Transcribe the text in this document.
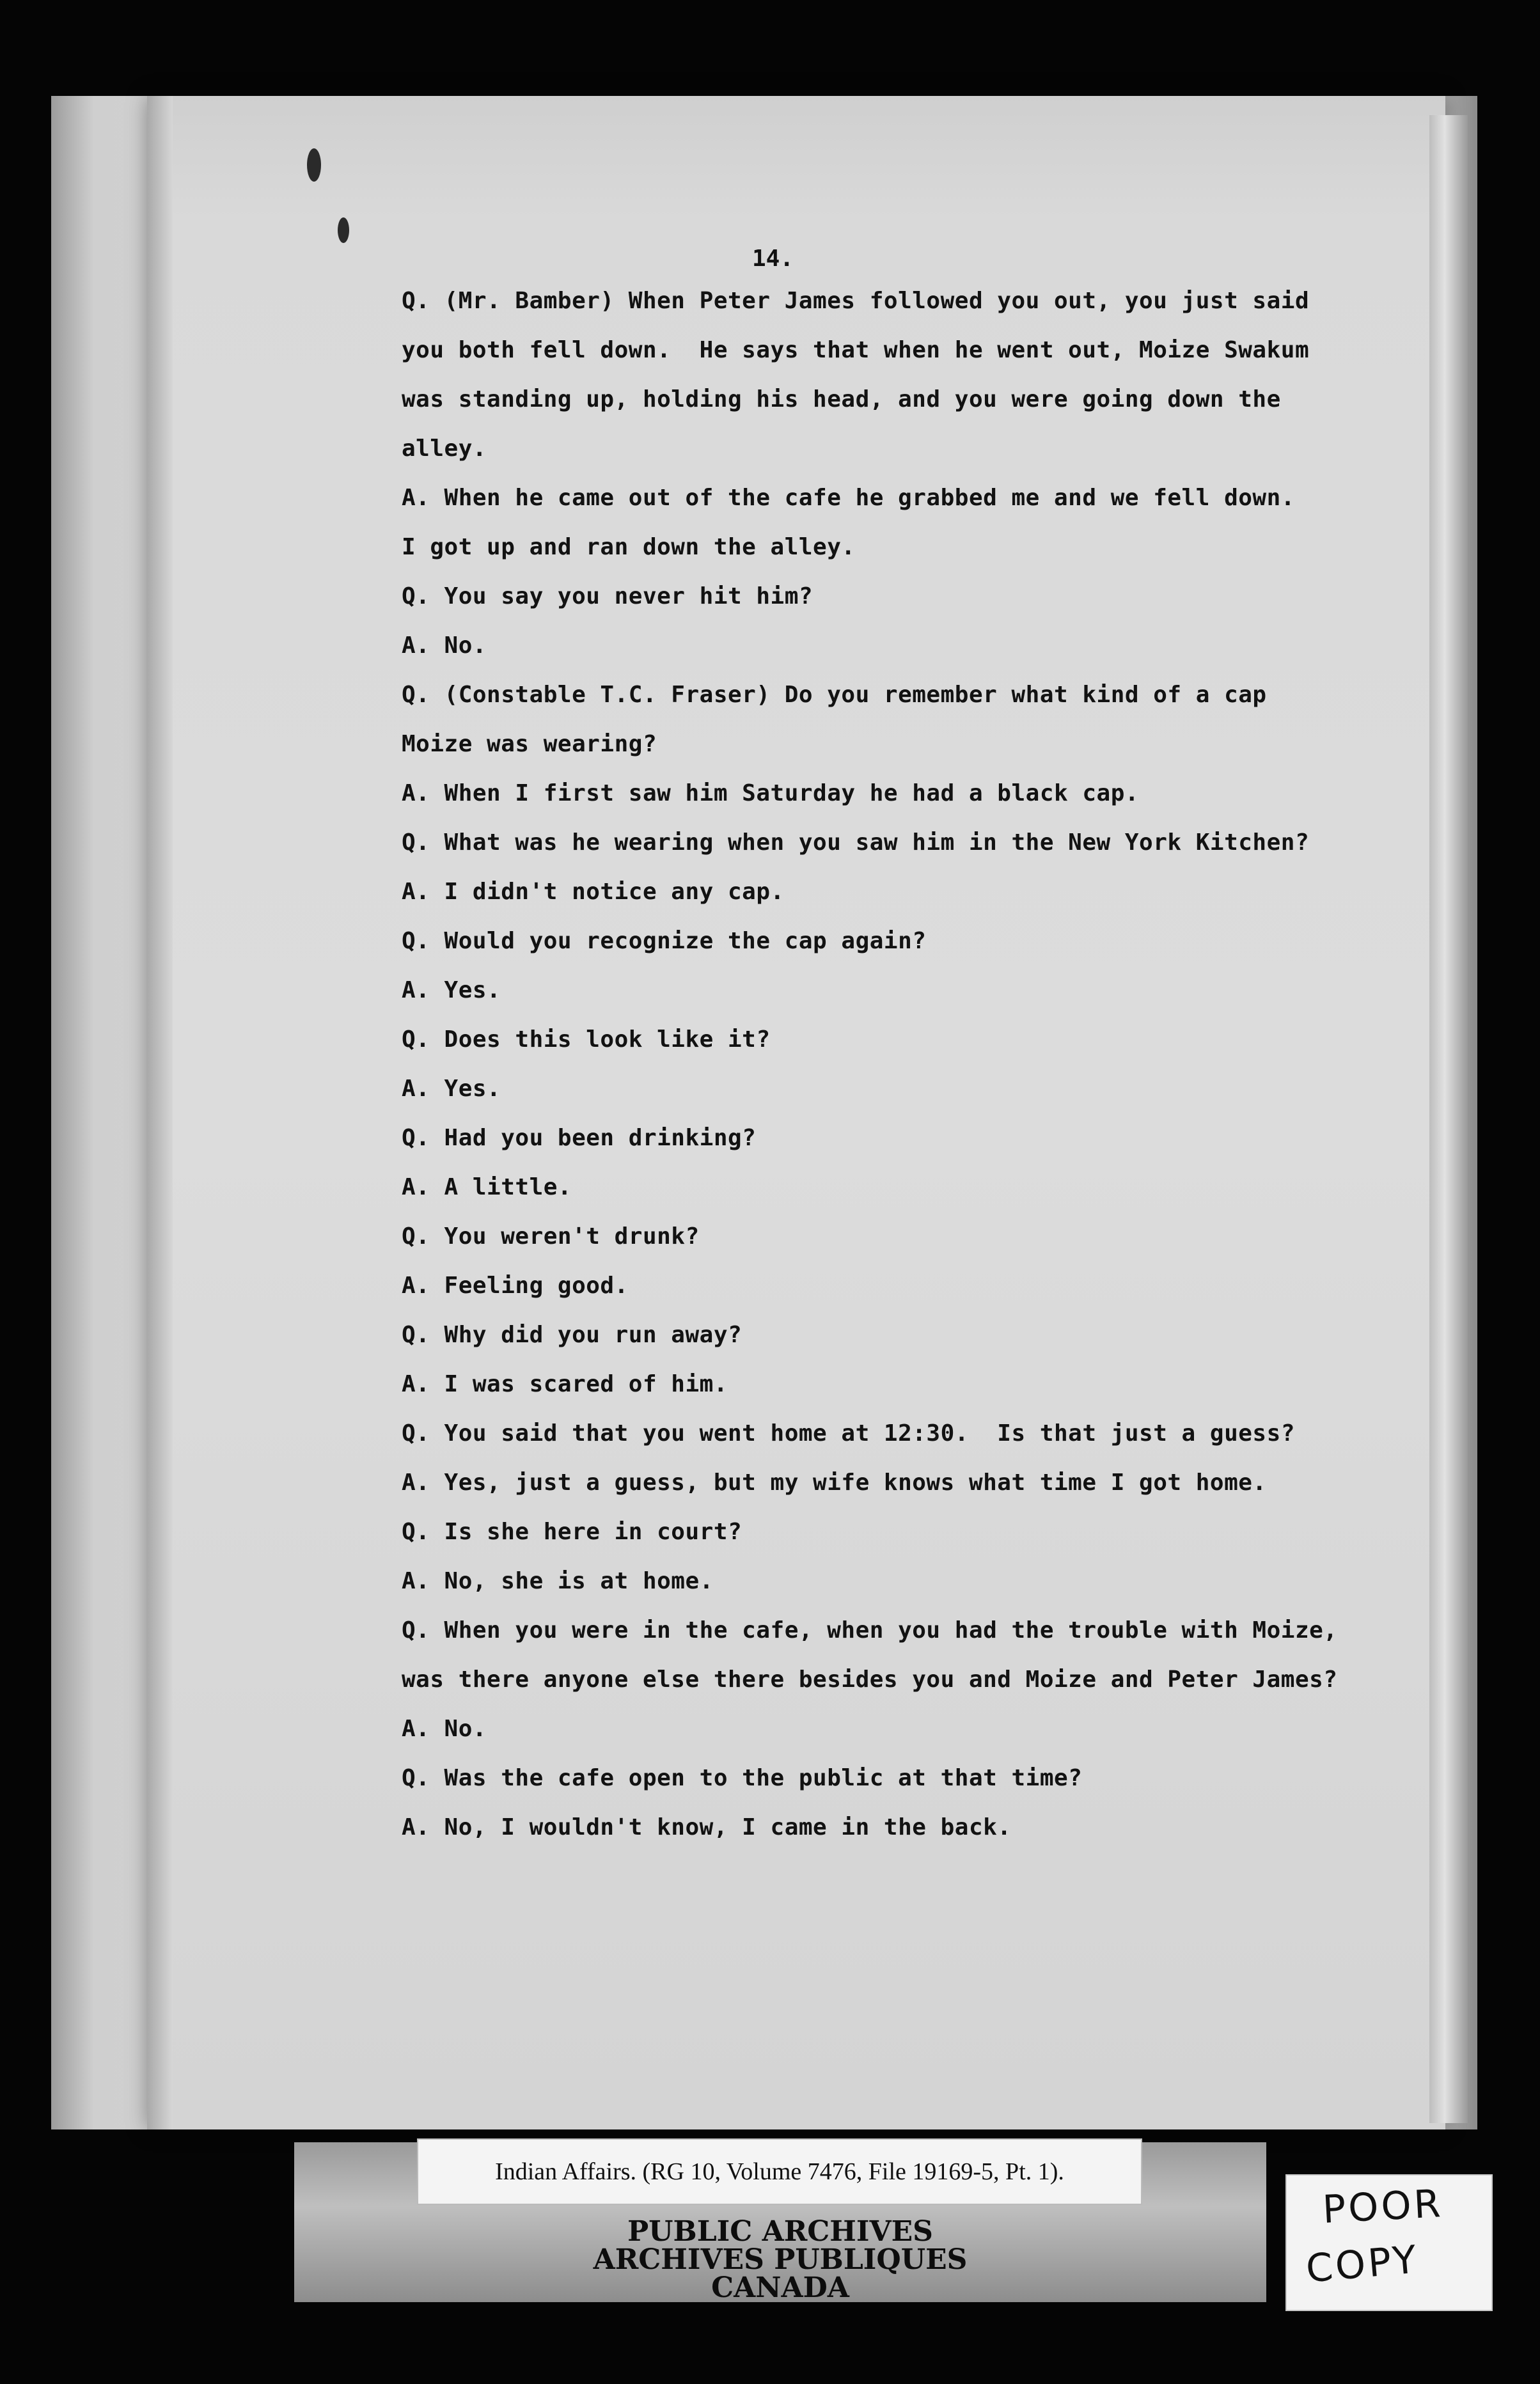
14.
Q. (Mr. Bamber) When Peter James followed you out, you just said
you both fell down.  He says that when he went out, Moize Swakum
was standing up, holding his head, and you were going down the
alley.
A. When he came out of the cafe he grabbed me and we fell down.
I got up and ran down the alley.
Q. You say you never hit him?
A. No.
Q. (Constable T.C. Fraser) Do you remember what kind of a cap
Moize was wearing?
A. When I first saw him Saturday he had a black cap.
Q. What was he wearing when you saw him in the New York Kitchen?
A. I didn't notice any cap.
Q. Would you recognize the cap again?
A. Yes.
Q. Does this look like it?
A. Yes.
Q. Had you been drinking?
A. A little.
Q. You weren't drunk?
A. Feeling good.
Q. Why did you run away?
A. I was scared of him.
Q. You said that you went home at 12:30.  Is that just a guess?
A. Yes, just a guess, but my wife knows what time I got home.
Q. Is she here in court?
A. No, she is at home.
Q. When you were in the cafe, when you had the trouble with Moize,
was there anyone else there besides you and Moize and Peter James?
A. No.
Q. Was the cafe open to the public at that time?
A. No, I wouldn't know, I came in the back.
Indian Affairs. (RG 10, Volume 7476, File 19169-5, Pt. 1).
PUBLIC ARCHIVES
ARCHIVES PUBLIQUES
CANADA
POOR
COPY
